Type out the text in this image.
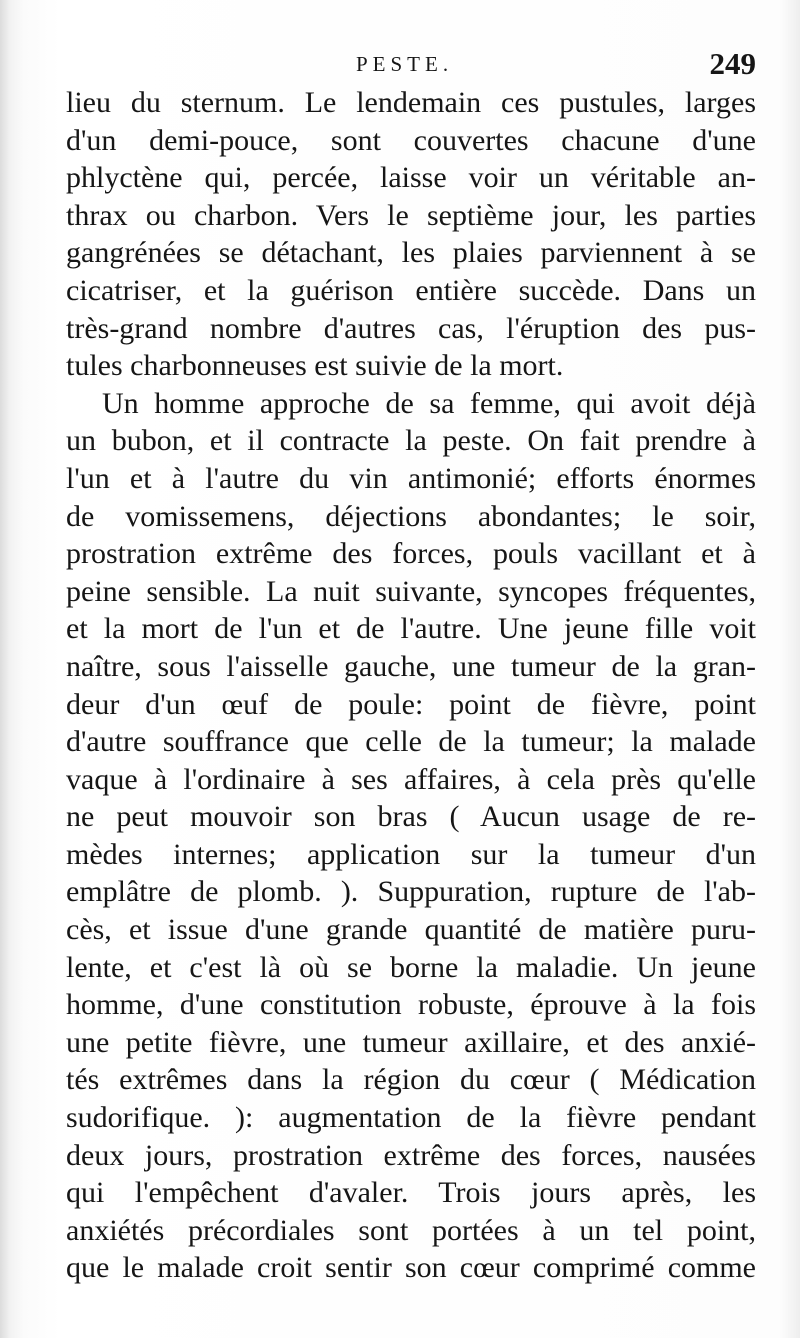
PESTE.	249
lieu du sternum. Le lendemain ces pustules, larges
d'un demi-pouce, sont couvertes chacune d'une
phlyctène qui, percée, laisse voir un véritable an-
thrax ou charbon. Vers le septième jour, les parties
gangrénées se détachant, les plaies parviennent à se
cicatriser, et la guérison entière succède. Dans un
très-grand nombre d'autres cas, l'éruption des pus-
tules charbonneuses est suivie de la mort.
Un homme approche de sa femme, qui avoit déjà
un bubon, et il contracte la peste. On fait prendre à
l'un et à l'autre du vin antimonié; efforts énormes
de vomissemens, déjections abondantes; le soir,
prostration extrême des forces, pouls vacillant et à
peine sensible. La nuit suivante, syncopes fréquentes,
et la mort de l'un et de l'autre. Une jeune fille voit
naître, sous l'aisselle gauche, une tumeur de la gran-
deur d'un œuf de poule: point de fièvre, point
d'autre souffrance que celle de la tumeur; la malade
vaque à l'ordinaire à ses affaires, à cela près qu'elle
ne peut mouvoir son bras ( Aucun usage de re-
mèdes internes; application sur la tumeur d'un
emplâtre de plomb. ). Suppuration, rupture de l'ab-
cès, et issue d'une grande quantité de matière puru-
lente, et c'est là où se borne la maladie. Un jeune
homme, d'une constitution robuste, éprouve à la fois
une petite fièvre, une tumeur axillaire, et des anxié-
tés extrêmes dans la région du cœur ( Médication
sudorifique. ): augmentation de la fièvre pendant
deux jours, prostration extrême des forces, nausées
qui l'empêchent d'avaler. Trois jours après, les
anxiétés précordiales sont portées à un tel point,
que le malade croit sentir son cœur comprimé comme
